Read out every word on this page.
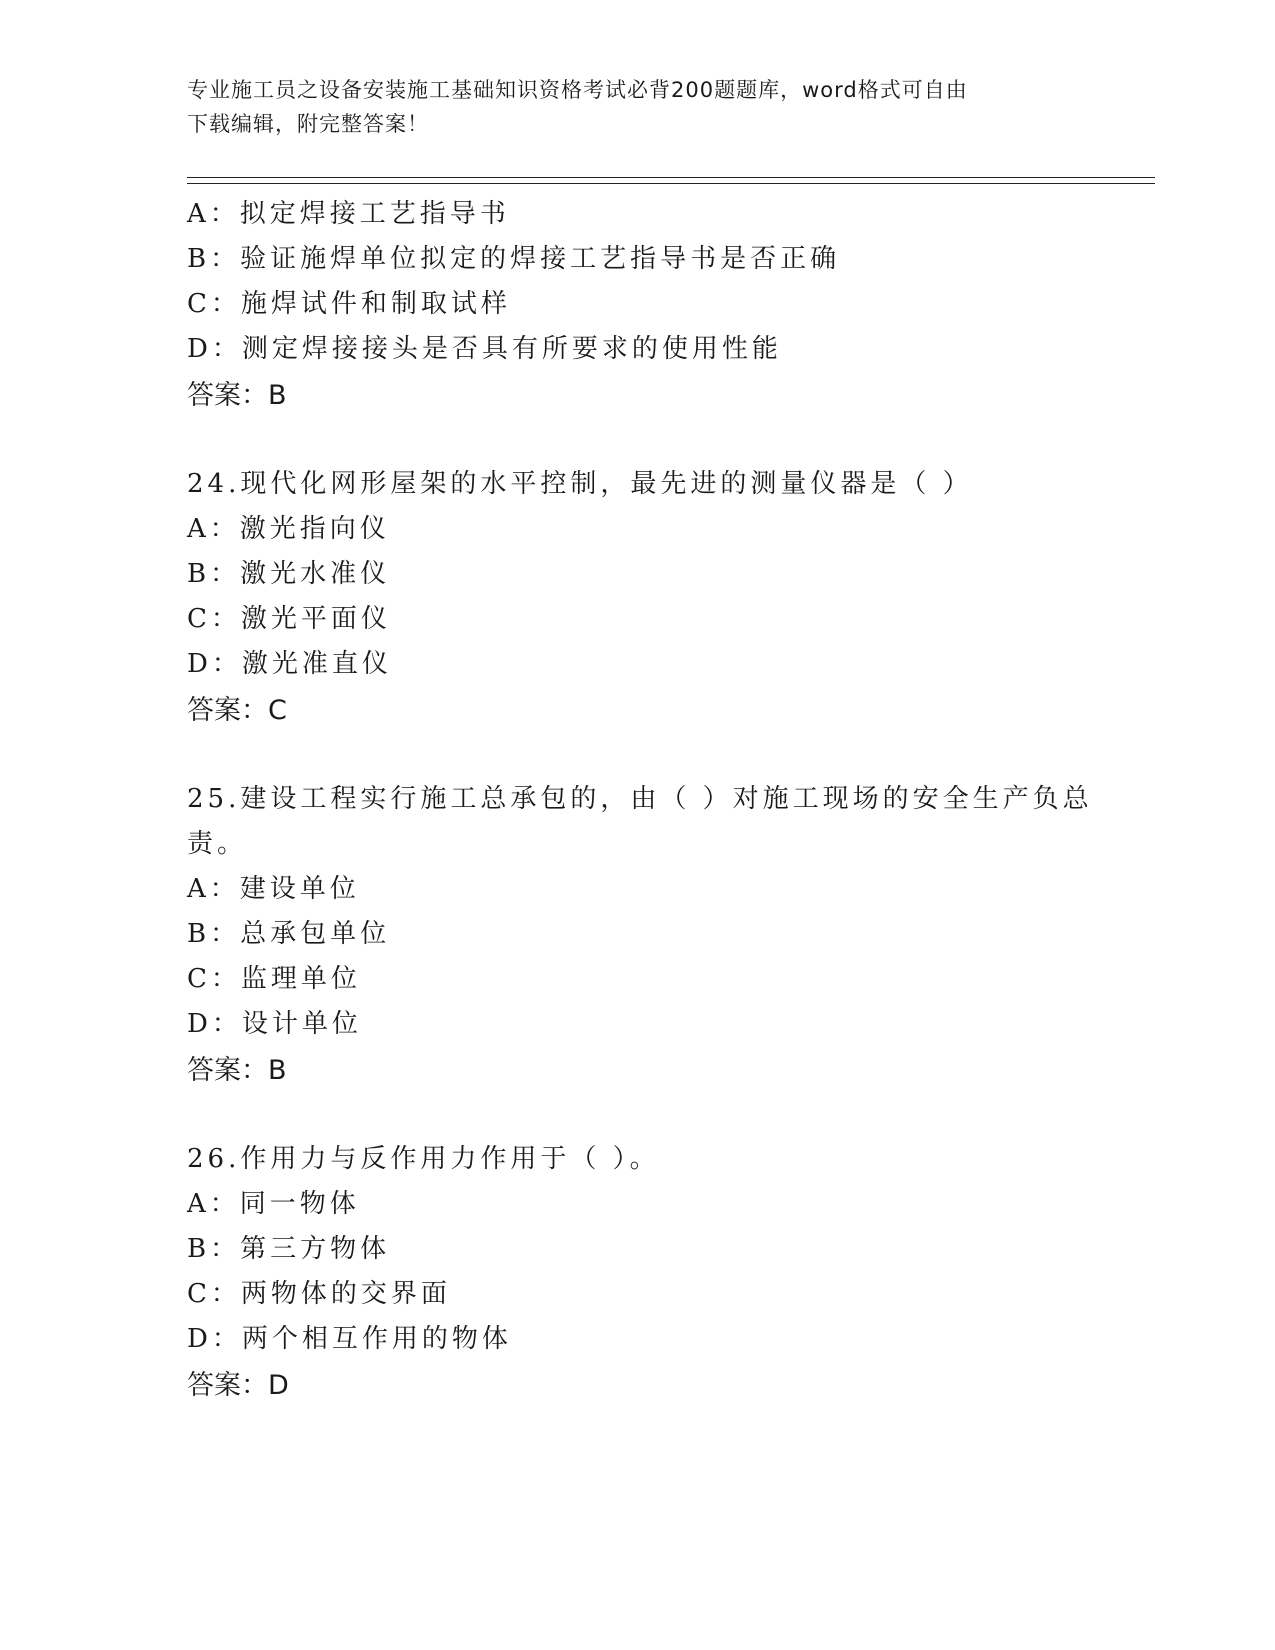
专业施工员之设备安装施工基础知识资格考试必背200题题库，word格式可自由
下载编辑，附完整答案！
A：拟定焊接工艺指导书
B：验证施焊单位拟定的焊接工艺指导书是否正确
C：施焊试件和制取试样
D：测定焊接接头是否具有所要求的使用性能
答案：B
24.现代化网形屋架的水平控制，最先进的测量仪器是（ ）
A：激光指向仪
B：激光水准仪
C：激光平面仪
D：激光准直仪
答案：C
25.建设工程实行施工总承包的，由（ ）对施工现场的安全生产负总
责。
A：建设单位
B：总承包单位
C：监理单位
D：设计单位
答案：B
26.作用力与反作用力作用于（ ）。
A：同一物体
B：第三方物体
C：两物体的交界面
D：两个相互作用的物体
答案：D
